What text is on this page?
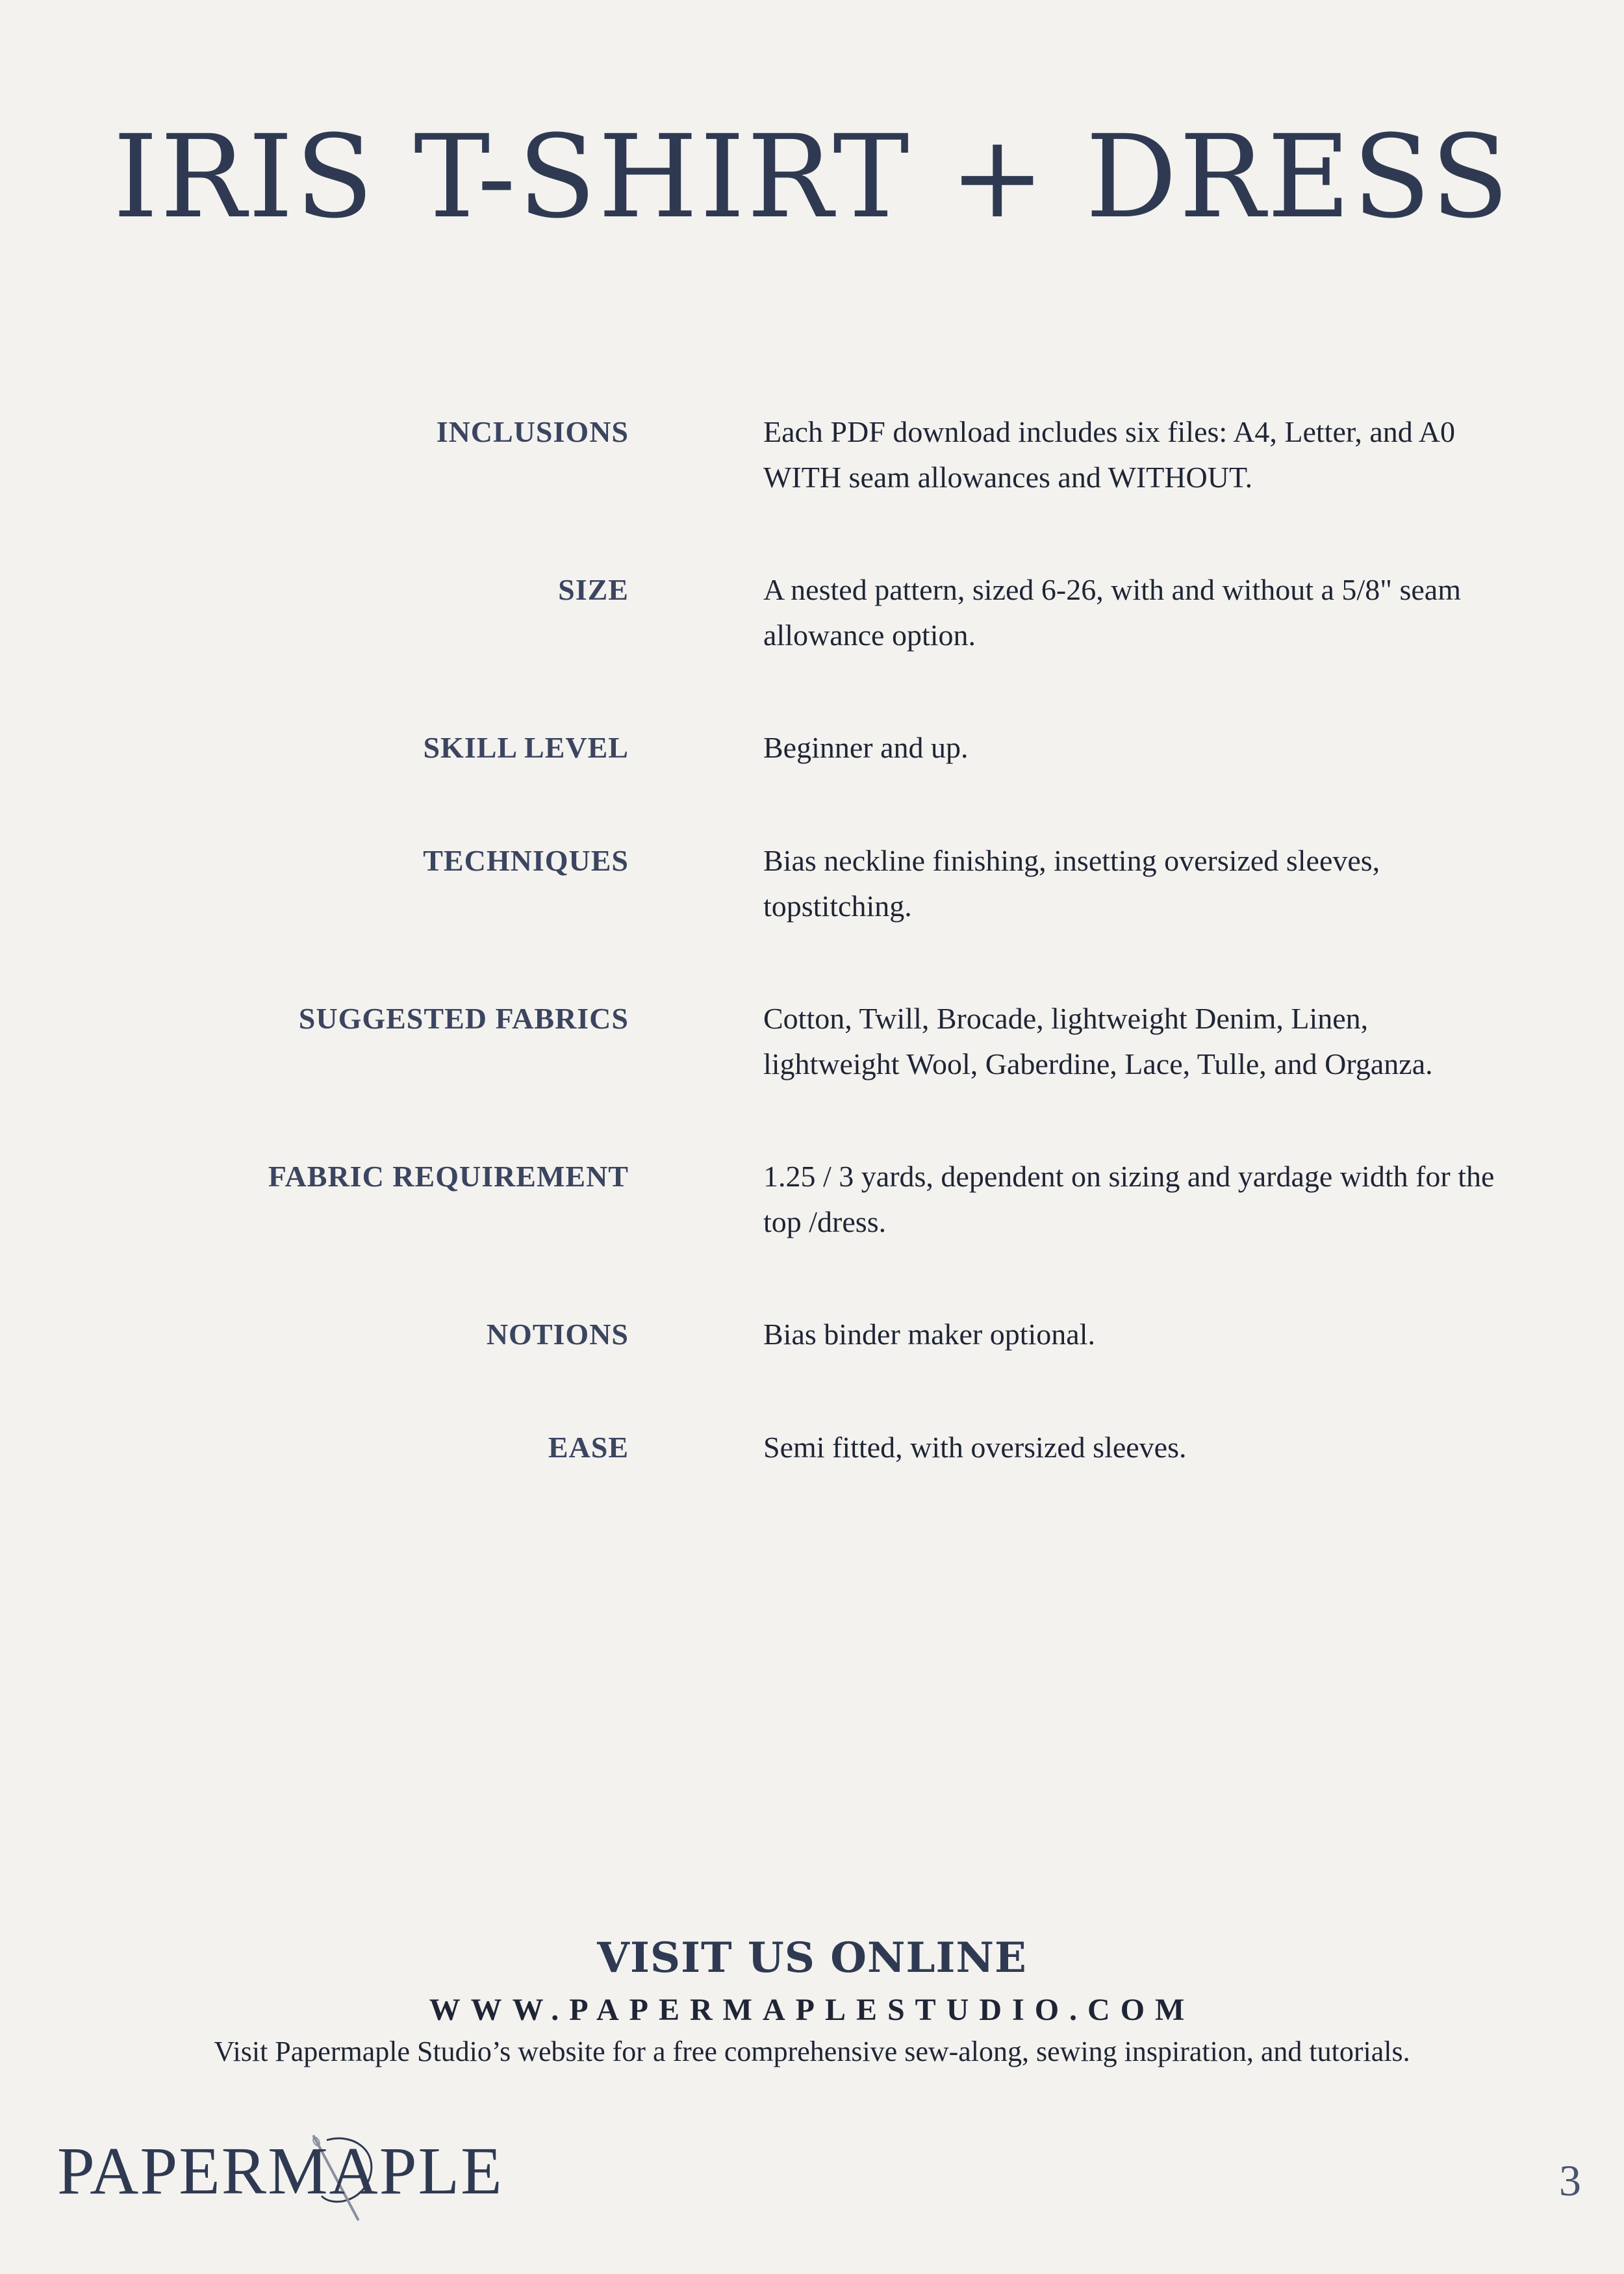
IRIS T-SHIRT + DRESS
INCLUSIONS	Each PDF download includes six files: A4, Letter, and A0 WITH seam allowances and WITHOUT.
SIZE	A nested pattern, sized 6-26, with and without a 5/8" seam allowance option.
SKILL LEVEL	Beginner and up.
TECHNIQUES	Bias neckline finishing, insetting oversized sleeves, topstitching.
SUGGESTED FABRICS	Cotton, Twill, Brocade, lightweight Denim, Linen, lightweight Wool, Gaberdine, Lace, Tulle, and Organza.
FABRIC REQUIREMENT	1.25 / 3 yards, dependent on sizing and yardage width for the top /dress.
NOTIONS	Bias binder maker optional.
EASE	Semi fitted, with oversized sleeves.
VISIT US ONLINE
WWW.PAPERMAPLESTUDIO.COM
Visit Papermaple Studio’s website for a free comprehensive sew-along, sewing inspiration, and tutorials.
PAPERMAPLE	3
